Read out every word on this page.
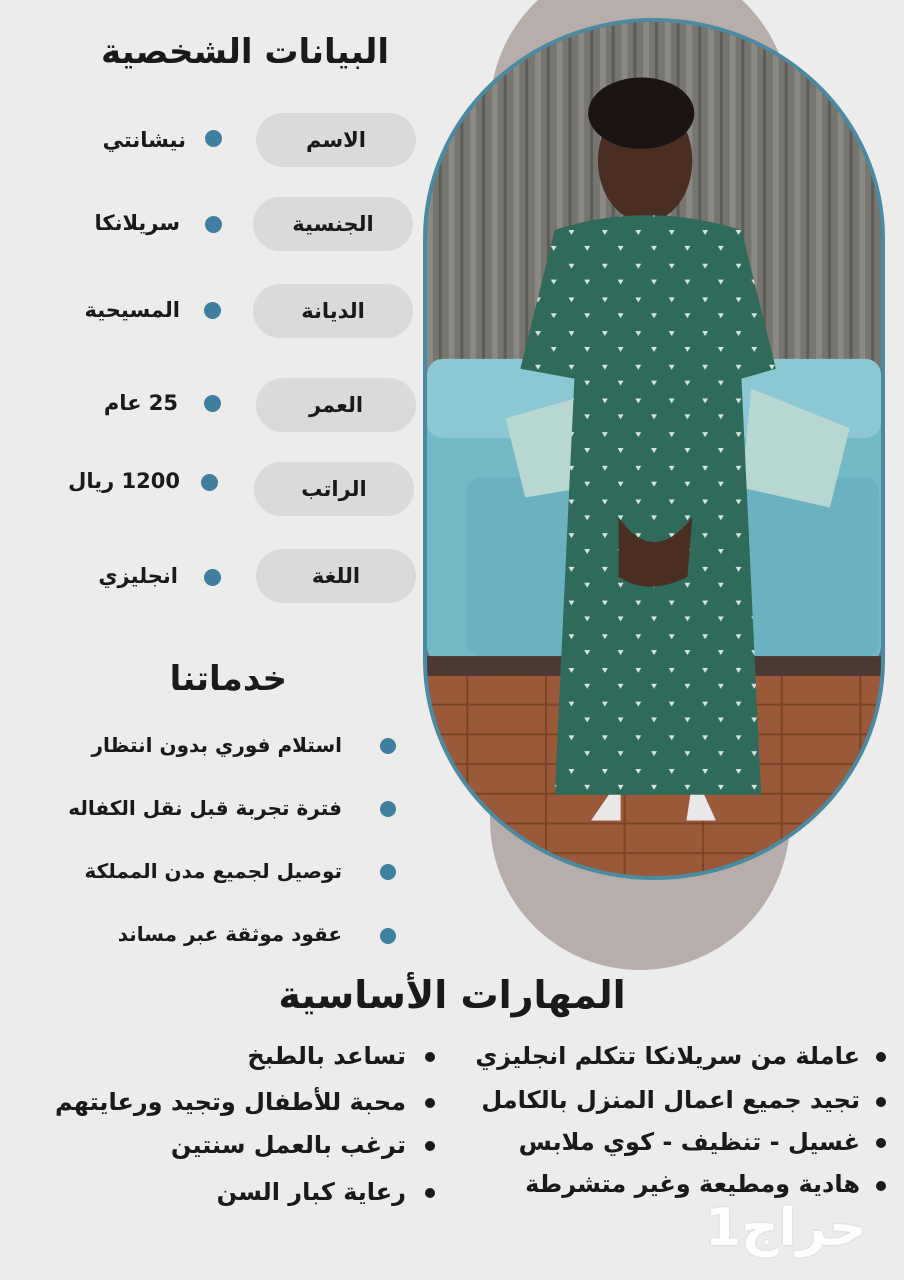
البيانات الشخصية
الاسم
نيشانتي
الجنسية
سريلانكا
الديانة
المسيحية
العمر
25 عام
الراتب
1200 ريال
اللغة
انجليزي
خدماتنا
استلام فوري بدون انتظار
فترة تجربة قبل نقل الكفاله
توصيل لجميع مدن المملكة
عقود موثقة عبر مساند
المهارات الأساسية
عاملة من سريلانكا تتكلم انجليزي
تجيد جميع اعمال المنزل بالكامل
غسيل - تنظيف - كوي ملابس
هادية ومطيعة وغير متشرطة
تساعد بالطبخ
محبة للأطفال وتجيد ورعايتهم
ترغب بالعمل سنتين
رعاية كبار السن
حراج1
